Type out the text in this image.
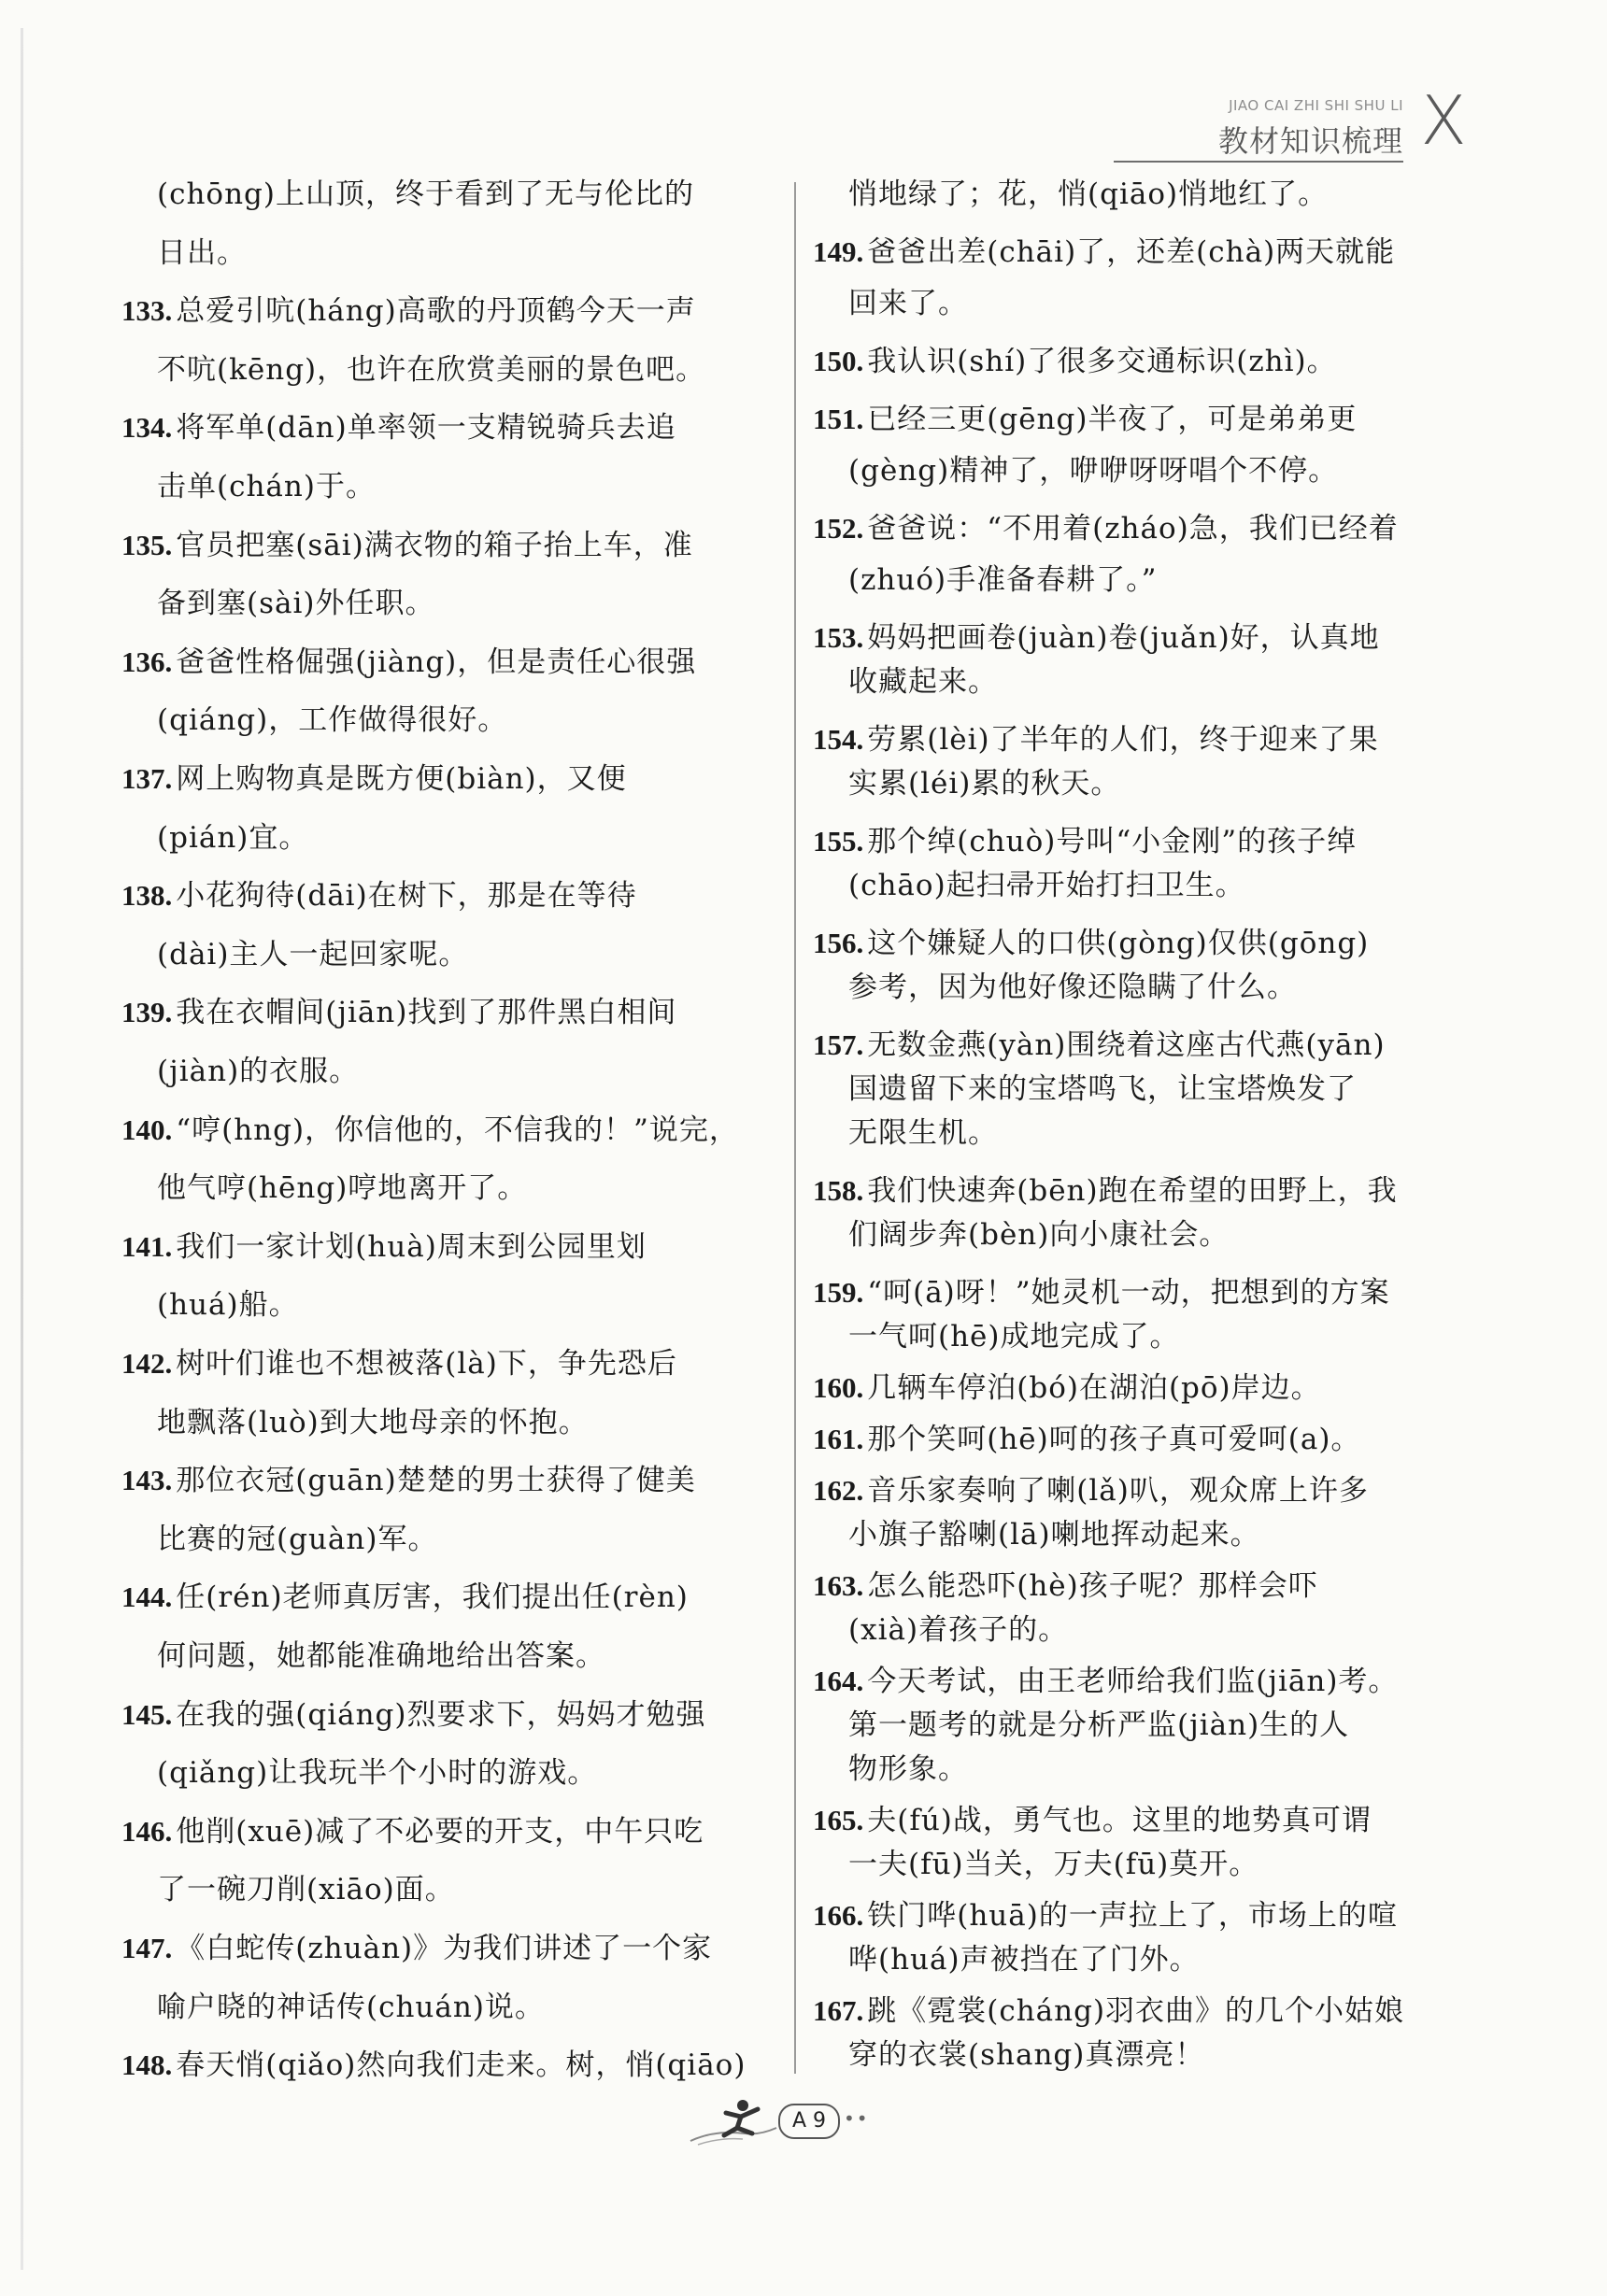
JIAO CAI ZHI SHI SHU LI
教材知识梳理 X
(chōng)上山顶，终于看到了无与伦比的
日出。
133. 总爱引吭(háng)高歌的丹顶鹤今天一声
不吭(kēng)，也许在欣赏美丽的景色吧。
134. 将军单(dān)单率领一支精锐骑兵去追
击单(chán)于。
135. 官员把塞(sāi)满衣物的箱子抬上车，准
备到塞(sài)外任职。
136. 爸爸性格倔强(jiàng)，但是责任心很强
(qiáng)，工作做得很好。
137. 网上购物真是既方便(biàn)，又便
(pián)宜。
138. 小花狗待(dāi)在树下，那是在等待
(dài)主人一起回家呢。
139. 我在衣帽间(jiān)找到了那件黑白相间
(jiàn)的衣服。
140. “哼(hng)，你信他的，不信我的！”说完，
他气哼(hēng)哼地离开了。
141. 我们一家计划(huà)周末到公园里划
(huá)船。
142. 树叶们谁也不想被落(là)下，争先恐后
地飘落(luò)到大地母亲的怀抱。
143. 那位衣冠(guān)楚楚的男士获得了健美
比赛的冠(guàn)军。
144. 任(rén)老师真厉害，我们提出任(rèn)
何问题，她都能准确地给出答案。
145. 在我的强(qiáng)烈要求下，妈妈才勉强
(qiǎng)让我玩半个小时的游戏。
146. 他削(xuē)减了不必要的开支，中午只吃
了一碗刀削(xiāo)面。
147. 《白蛇传(zhuàn)》为我们讲述了一个家
喻户晓的神话传(chuán)说。
148. 春天悄(qiǎo)然向我们走来。树，悄(qiāo)
悄地绿了；花，悄(qiāo)悄地红了。
149. 爸爸出差(chāi)了，还差(chà)两天就能
回来了。
150. 我认识(shí)了很多交通标识(zhì)。
151. 已经三更(gēng)半夜了，可是弟弟更
(gèng)精神了，咿咿呀呀唱个不停。
152. 爸爸说：“不用着(zháo)急，我们已经着
(zhuó)手准备春耕了。”
153. 妈妈把画卷(juàn)卷(juǎn)好，认真地
收藏起来。
154. 劳累(lèi)了半年的人们，终于迎来了果
实累(léi)累的秋天。
155. 那个绰(chuò)号叫“小金刚”的孩子绰
(chāo)起扫帚开始打扫卫生。
156. 这个嫌疑人的口供(gòng)仅供(gōng)
参考，因为他好像还隐瞒了什么。
157. 无数金燕(yàn)围绕着这座古代燕(yān)
国遗留下来的宝塔鸣飞，让宝塔焕发了
无限生机。
158. 我们快速奔(bēn)跑在希望的田野上，我
们阔步奔(bèn)向小康社会。
159. “呵(ā)呀！”她灵机一动，把想到的方案
一气呵(hē)成地完成了。
160. 几辆车停泊(bó)在湖泊(pō)岸边。
161. 那个笑呵(hē)呵的孩子真可爱呵(a)。
162. 音乐家奏响了喇(lǎ)叭，观众席上许多
小旗子豁喇(lā)喇地挥动起来。
163. 怎么能恐吓(hè)孩子呢？那样会吓
(xià)着孩子的。
164. 今天考试，由王老师给我们监(jiān)考。
第一题考的就是分析严监(jiàn)生的人
物形象。
165. 夫(fú)战，勇气也。这里的地势真可谓
一夫(fū)当关，万夫(fū)莫开。
166. 铁门哗(huā)的一声拉上了，市场上的喧
哗(huá)声被挡在了门外。
167. 跳《霓裳(cháng)羽衣曲》的几个小姑娘
穿的衣裳(shang)真漂亮！
A 9 ••
